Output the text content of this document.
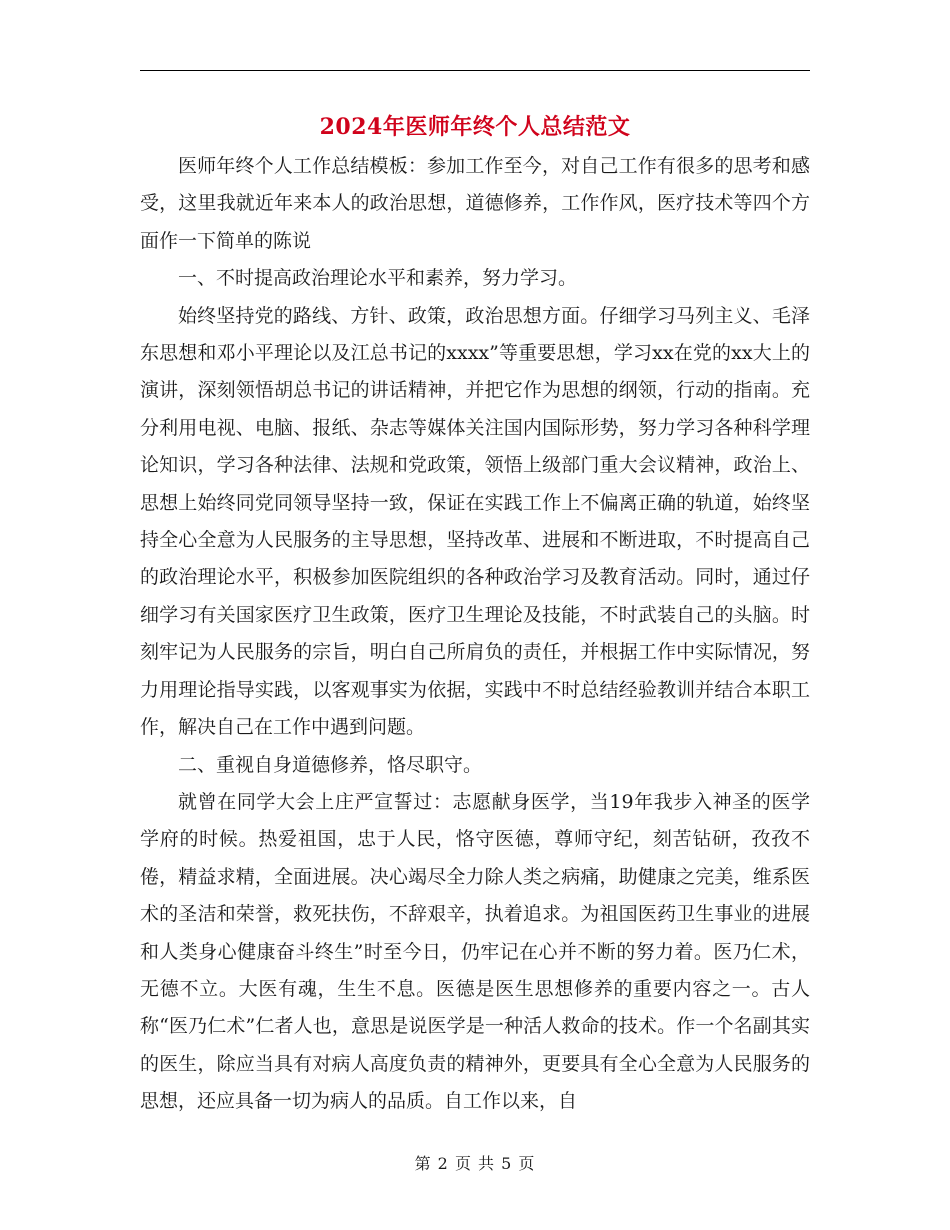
2024年医师年终个人总结范文

医师年终个人工作总结模板：参加工作至今，对自己工作有很多的思考和感受，这里我就近年来本人的政治思想，道德修养，工作作风，医疗技术等四个方面作一下简单的陈说

一、不时提高政治理论水平和素养，努力学习。

始终坚持党的路线、方针、政策，政治思想方面。仔细学习马列主义、毛泽东思想和邓小平理论以及江总书记的xxxx”等重要思想，学习xx在党的xx大上的演讲，深刻领悟胡总书记的讲话精神，并把它作为思想的纲领，行动的指南。充分利用电视、电脑、报纸、杂志等媒体关注国内国际形势，努力学习各种科学理论知识，学习各种法律、法规和党政策，领悟上级部门重大会议精神，政治上、思想上始终同党同领导坚持一致，保证在实践工作上不偏离正确的轨道，始终坚持全心全意为人民服务的主导思想，坚持改革、进展和不断进取，不时提高自己的政治理论水平，积极参加医院组织的各种政治学习及教育活动。同时，通过仔细学习有关国家医疗卫生政策，医疗卫生理论及技能，不时武装自己的头脑。时刻牢记为人民服务的宗旨，明白自己所肩负的责任，并根据工作中实际情况，努力用理论指导实践，以客观事实为依据，实践中不时总结经验教训并结合本职工作，解决自己在工作中遇到问题。

二、重视自身道德修养，恪尽职守。

就曾在同学大会上庄严宣誓过：志愿献身医学，当19年我步入神圣的医学学府的时候。热爱祖国，忠于人民，恪守医德，尊师守纪，刻苦钻研，孜孜不倦，精益求精，全面进展。决心竭尽全力除人类之病痛，助健康之完美，维系医术的圣洁和荣誉，救死扶伤，不辞艰辛，执着追求。为祖国医药卫生事业的进展和人类身心健康奋斗终生”时至今日，仍牢记在心并不断的努力着。医乃仁术，无德不立。大医有魂，生生不息。医德是医生思想修养的重要内容之一。古人称“医乃仁术”仁者人也，意思是说医学是一种活人救命的技术。作一个名副其实的医生，除应当具有对病人高度负责的精神外，更要具有全心全意为人民服务的思想，还应具备一切为病人的品质。自工作以来，自

第 2 页 共 5 页
